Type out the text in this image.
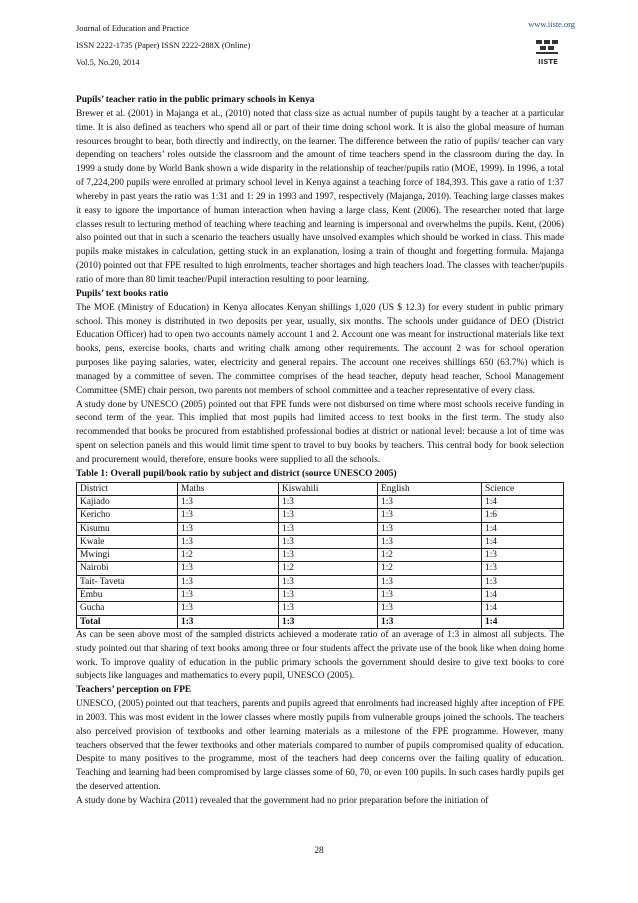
Journal of Education and Practice
ISSN 2222-1735 (Paper) ISSN 2222-288X (Online)
Vol.5, No.20, 2014
www.iiste.org
IISTE

Pupils’ teacher ratio in the public primary schools in Kenya

Brewer et al. (2001) in Majanga et al., (2010) noted that class size as actual number of pupils taught by a teacher at a particular time. It is also defined as teachers who spend all or part of their time doing school work. It is also the global measure of human resources brought to bear, both directly and indirectly, on the learner. The difference between the ratio of pupils/ teacher can vary depending on teachers’ roles outside the classroom and the amount of time teachers spend in the classroom during the day. In 1999 a study done by World Bank shown a wide disparity in the relationship of teacher/pupils ratio (MOE, 1999). In 1996, a total of 7,224,200 pupils were enrolled at primary school level in Kenya against a teaching force of 184,393. This gave a ratio of 1:37 whereby in past years the ratio was 1:31 and 1: 29 in 1993 and 1997, respectively (Majanga, 2010). Teaching large classes makes it easy to ignore the importance of human interaction when having a large class, Kent (2006). The researcher noted that large classes result to lecturing method of teaching where teaching and learning is impersonal and overwhelms the pupils. Kent, (2006) also pointed out that in such a scenario the teachers usually have unsolved examples which should be worked in class. This made pupils make mistakes in calculation, getting stuck in an explanation, losing a train of thought and forgetting formula. Majanga (2010) pointed out that FPE resulted to high enrolments, teacher shortages and high teachers load. The classes with teacher/pupils ratio of more than 80 limit teacher/Pupil interaction resulting to poor learning.

Pupils’ text books ratio

The MOE (Ministry of Education) in Kenya allocates Kenyan shillings 1,020 (US $ 12.3) for every student in public primary school. This money is distributed in two deposits per year, usually, six months. The schools under guidance of DEO (District Education Officer) had to open two accounts namely account 1 and 2. Account one was meant for instructional materials like text books, pens, exercise books, charts and writing chalk among other requirements. The account 2 was for school operation purposes like paying salaries, water, electricity and general repairs. The account one receives shillings 650 (63.7%) which is managed by a committee of seven. The committee comprises of the head teacher, deputy head teacher, School Management Committee (SME) chair person, two parents not members of school committee and a teacher representative of every class.

A study done by UNESCO (2005) pointed out that FPE funds were not disbursed on time where most schools receive funding in second term of the year. This implied that most pupils had limited access to text books in the first term. The study also recommended that books be procured from established professional bodies at district or national level: because a lot of time was spent on selection panels and this would limit time spent to travel to buy books by teachers. This central body for book selection and procurement would, therefore, ensure books were supplied to all the schools.

Table 1: Overall pupil/book ratio by subject and district (source UNESCO 2005)

District	Maths	Kiswahili	English	Science
Kajiado	1:3	1:3	1:3	1:4
Kericho	1:3	1:3	1:3	1:6
Kisumu	1:3	1:3	1:3	1:4
Kwale	1:3	1:3	1:3	1:4
Mwingi	1:2	1:3	1:2	1:3
Nairobi	1:3	1:2	1:2	1:3
Tait- Taveta	1:3	1:3	1:3	1:3
Embu	1:3	1:3	1:3	1:4
Gucha	1:3	1:3	1:3	1:4
Total	1:3	1:3	1:3	1:4

As can be seen above most of the sampled districts achieved a moderate ratio of an average of 1:3 in almost all subjects. The study pointed out that sharing of text books among three or four students affect the private use of the book like when doing home work. To improve quality of education in the public primary schools the government should desire to give text books to core subjects like languages and mathematics to every pupil, UNESCO (2005).

Teachers’ perception on FPE

UNESCO, (2005) pointed out that teachers, parents and pupils agreed that enrolments had increased highly after inception of FPE in 2003. This was most evident in the lower classes where mostly pupils from vulnerable groups joined the schools. The teachers also perceived provision of textbooks and other learning materials as a milestone of the FPE programme. However, many teachers observed that the fewer textbooks and other materials compared to number of pupils compromised quality of education. Despite to many positives to the programme, most of the teachers had deep concerns over the failing quality of education. Teaching and learning had been compromised by large classes some of 60, 70, or even 100 pupils. In such cases hardly pupils get the deserved attention.

A study done by Wachira (2011) revealed that the government had no prior preparation before the initiation of

28
